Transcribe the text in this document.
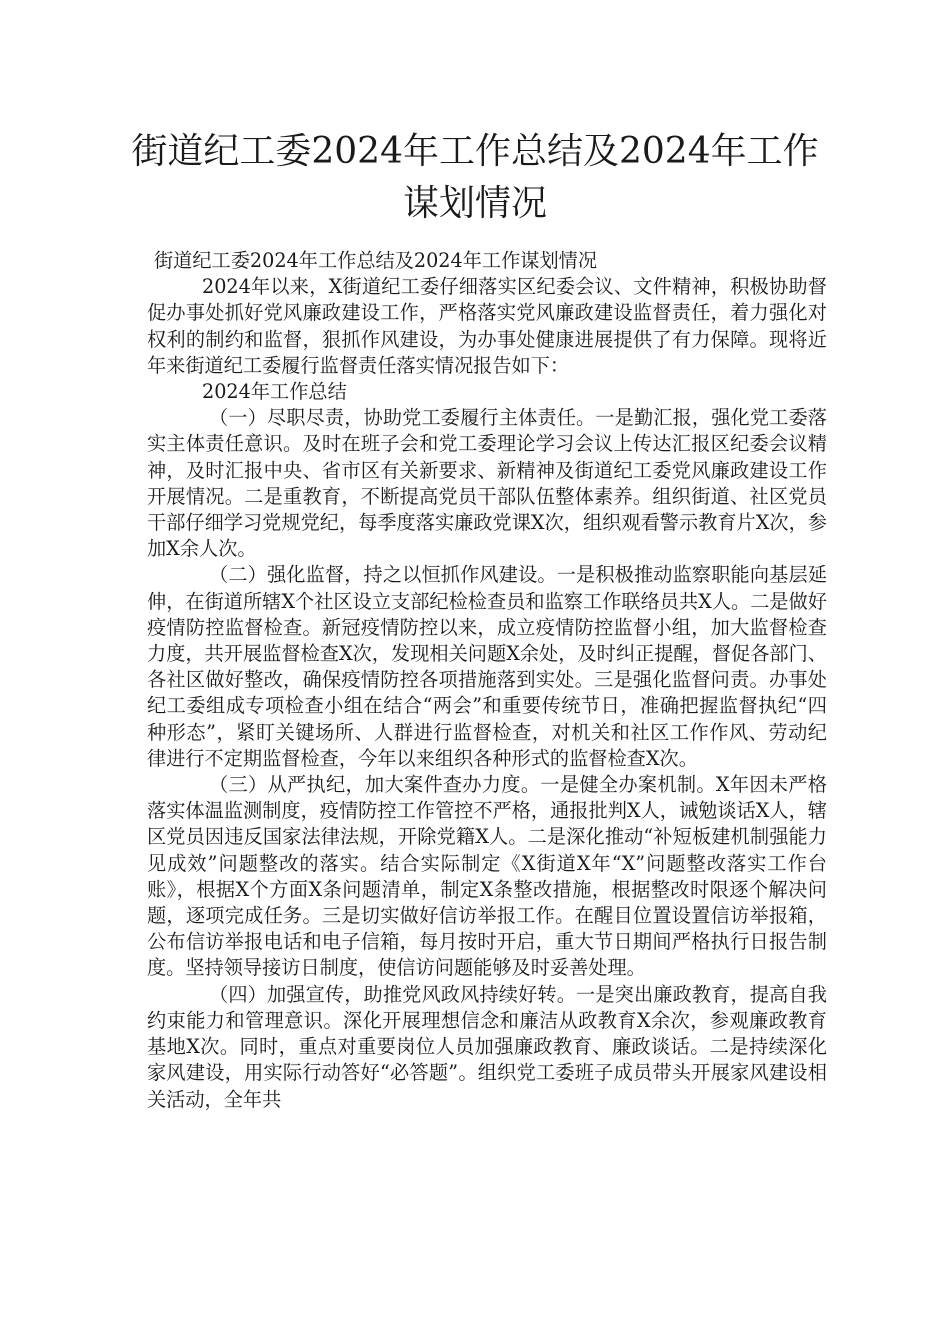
街道纪工委2024年工作总结及2024年工作
谋划情况

街道纪工委2024年工作总结及2024年工作谋划情况

2024年以来，X街道纪工委仔细落实区纪委会议、文件精神，积极协助督促办事处抓好党风廉政建设工作，严格落实党风廉政建设监督责任，着力强化对权利的制约和监督，狠抓作风建设，为办事处健康进展提供了有力保障。现将近年来街道纪工委履行监督责任落实情况报告如下：

2024年工作总结

（一）尽职尽责，协助党工委履行主体责任。一是勤汇报，强化党工委落实主体责任意识。及时在班子会和党工委理论学习会议上传达汇报区纪委会议精神，及时汇报中央、省市区有关新要求、新精神及街道纪工委党风廉政建设工作开展情况。二是重教育，不断提高党员干部队伍整体素养。组织街道、社区党员干部仔细学习党规党纪，每季度落实廉政党课X次，组织观看警示教育片X次，参加X余人次。

（二）强化监督，持之以恒抓作风建设。一是积极推动监察职能向基层延伸，在街道所辖X个社区设立支部纪检检查员和监察工作联络员共X人。二是做好疫情防控监督检查。新冠疫情防控以来，成立疫情防控监督小组，加大监督检查力度，共开展监督检查X次，发现相关问题X余处，及时纠正提醒，督促各部门、各社区做好整改，确保疫情防控各项措施落到实处。三是强化监督问责。办事处纪工委组成专项检查小组在结合“两会”和重要传统节日，准确把握监督执纪“四种形态”，紧盯关键场所、人群进行监督检查，对机关和社区工作作风、劳动纪律进行不定期监督检查，今年以来组织各种形式的监督检查X次。

（三）从严执纪，加大案件查办力度。一是健全办案机制。X年因未严格落实体温监测制度，疫情防控工作管控不严格，通报批判X人，诫勉谈话X人，辖区党员因违反国家法律法规，开除党籍X人。二是深化推动“补短板建机制强能力见成效”问题整改的落实。结合实际制定《X街道X年“X”问题整改落实工作台账》，根据X个方面X条问题清单，制定X条整改措施，根据整改时限逐个解决问题，逐项完成任务。三是切实做好信访举报工作。在醒目位置设置信访举报箱，公布信访举报电话和电子信箱，每月按时开启，重大节日期间严格执行日报告制度。坚持领导接访日制度，使信访问题能够及时妥善处理。

（四）加强宣传，助推党风政风持续好转。一是突出廉政教育，提高自我约束能力和管理意识。深化开展理想信念和廉洁从政教育X余次，参观廉政教育基地X次。同时，重点对重要岗位人员加强廉政教育、廉政谈话。二是持续深化家风建设，用实际行动答好“必答题”。组织党工委班子成员带头开展家风建设相关活动，全年共
